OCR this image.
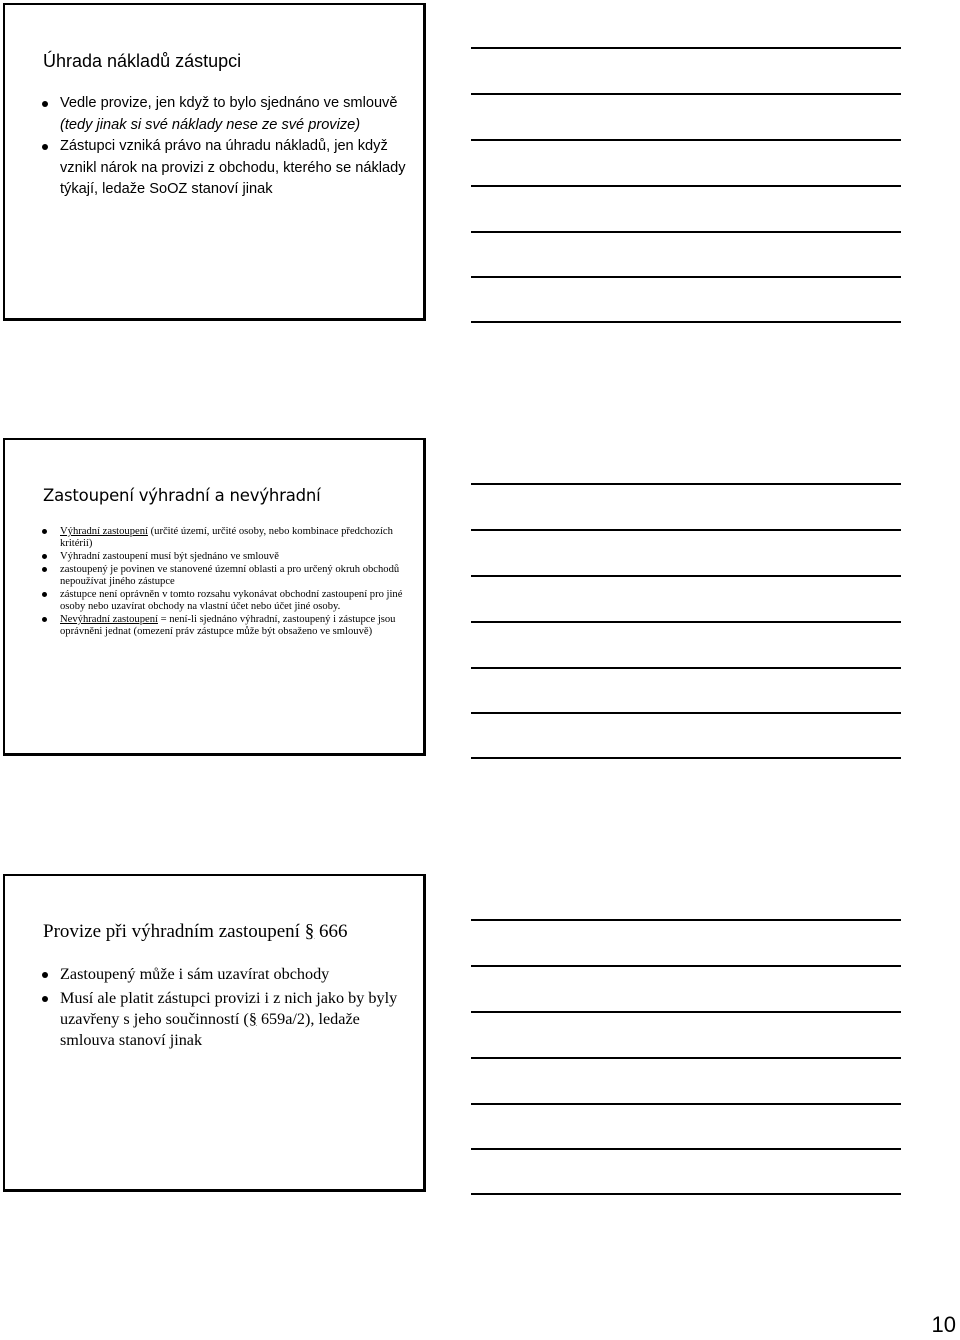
Úhrada nákladů zástupci
Vedle provize, jen když to bylo sjednáno ve smlouvě (tedy jinak si své náklady nese ze své provize)
Zástupci vzniká právo na úhradu nákladů, jen když vznikl nárok na provizi z obchodu, kterého se náklady týkají, ledaže SoOZ stanoví jinak
Zastoupení výhradní a nevýhradní
Výhradní zastoupení (určité území, určité osoby, nebo kombinace předchozích kritérií)
Výhradní zastoupení musí být sjednáno ve smlouvě
zastoupený je povinen ve stanovené územní oblasti a pro určený okruh obchodů nepoužívat jiného zástupce
zástupce není oprávněn v tomto rozsahu vykonávat obchodní zastoupení pro jiné osoby nebo uzavírat obchody na vlastní účet nebo účet jiné osoby.
Nevýhradní zastoupení = není-li sjednáno výhradní, zastoupený i zástupce jsou oprávněni jednat (omezení práv zástupce může být obsaženo ve smlouvě)
Provize při výhradním zastoupení § 666
Zastoupený může i sám uzavírat obchody
Musí ale platit zástupci provizi i z nich jako by byly uzavřeny s jeho součinností (§ 659a/2), ledaže smlouva stanoví jinak
10
